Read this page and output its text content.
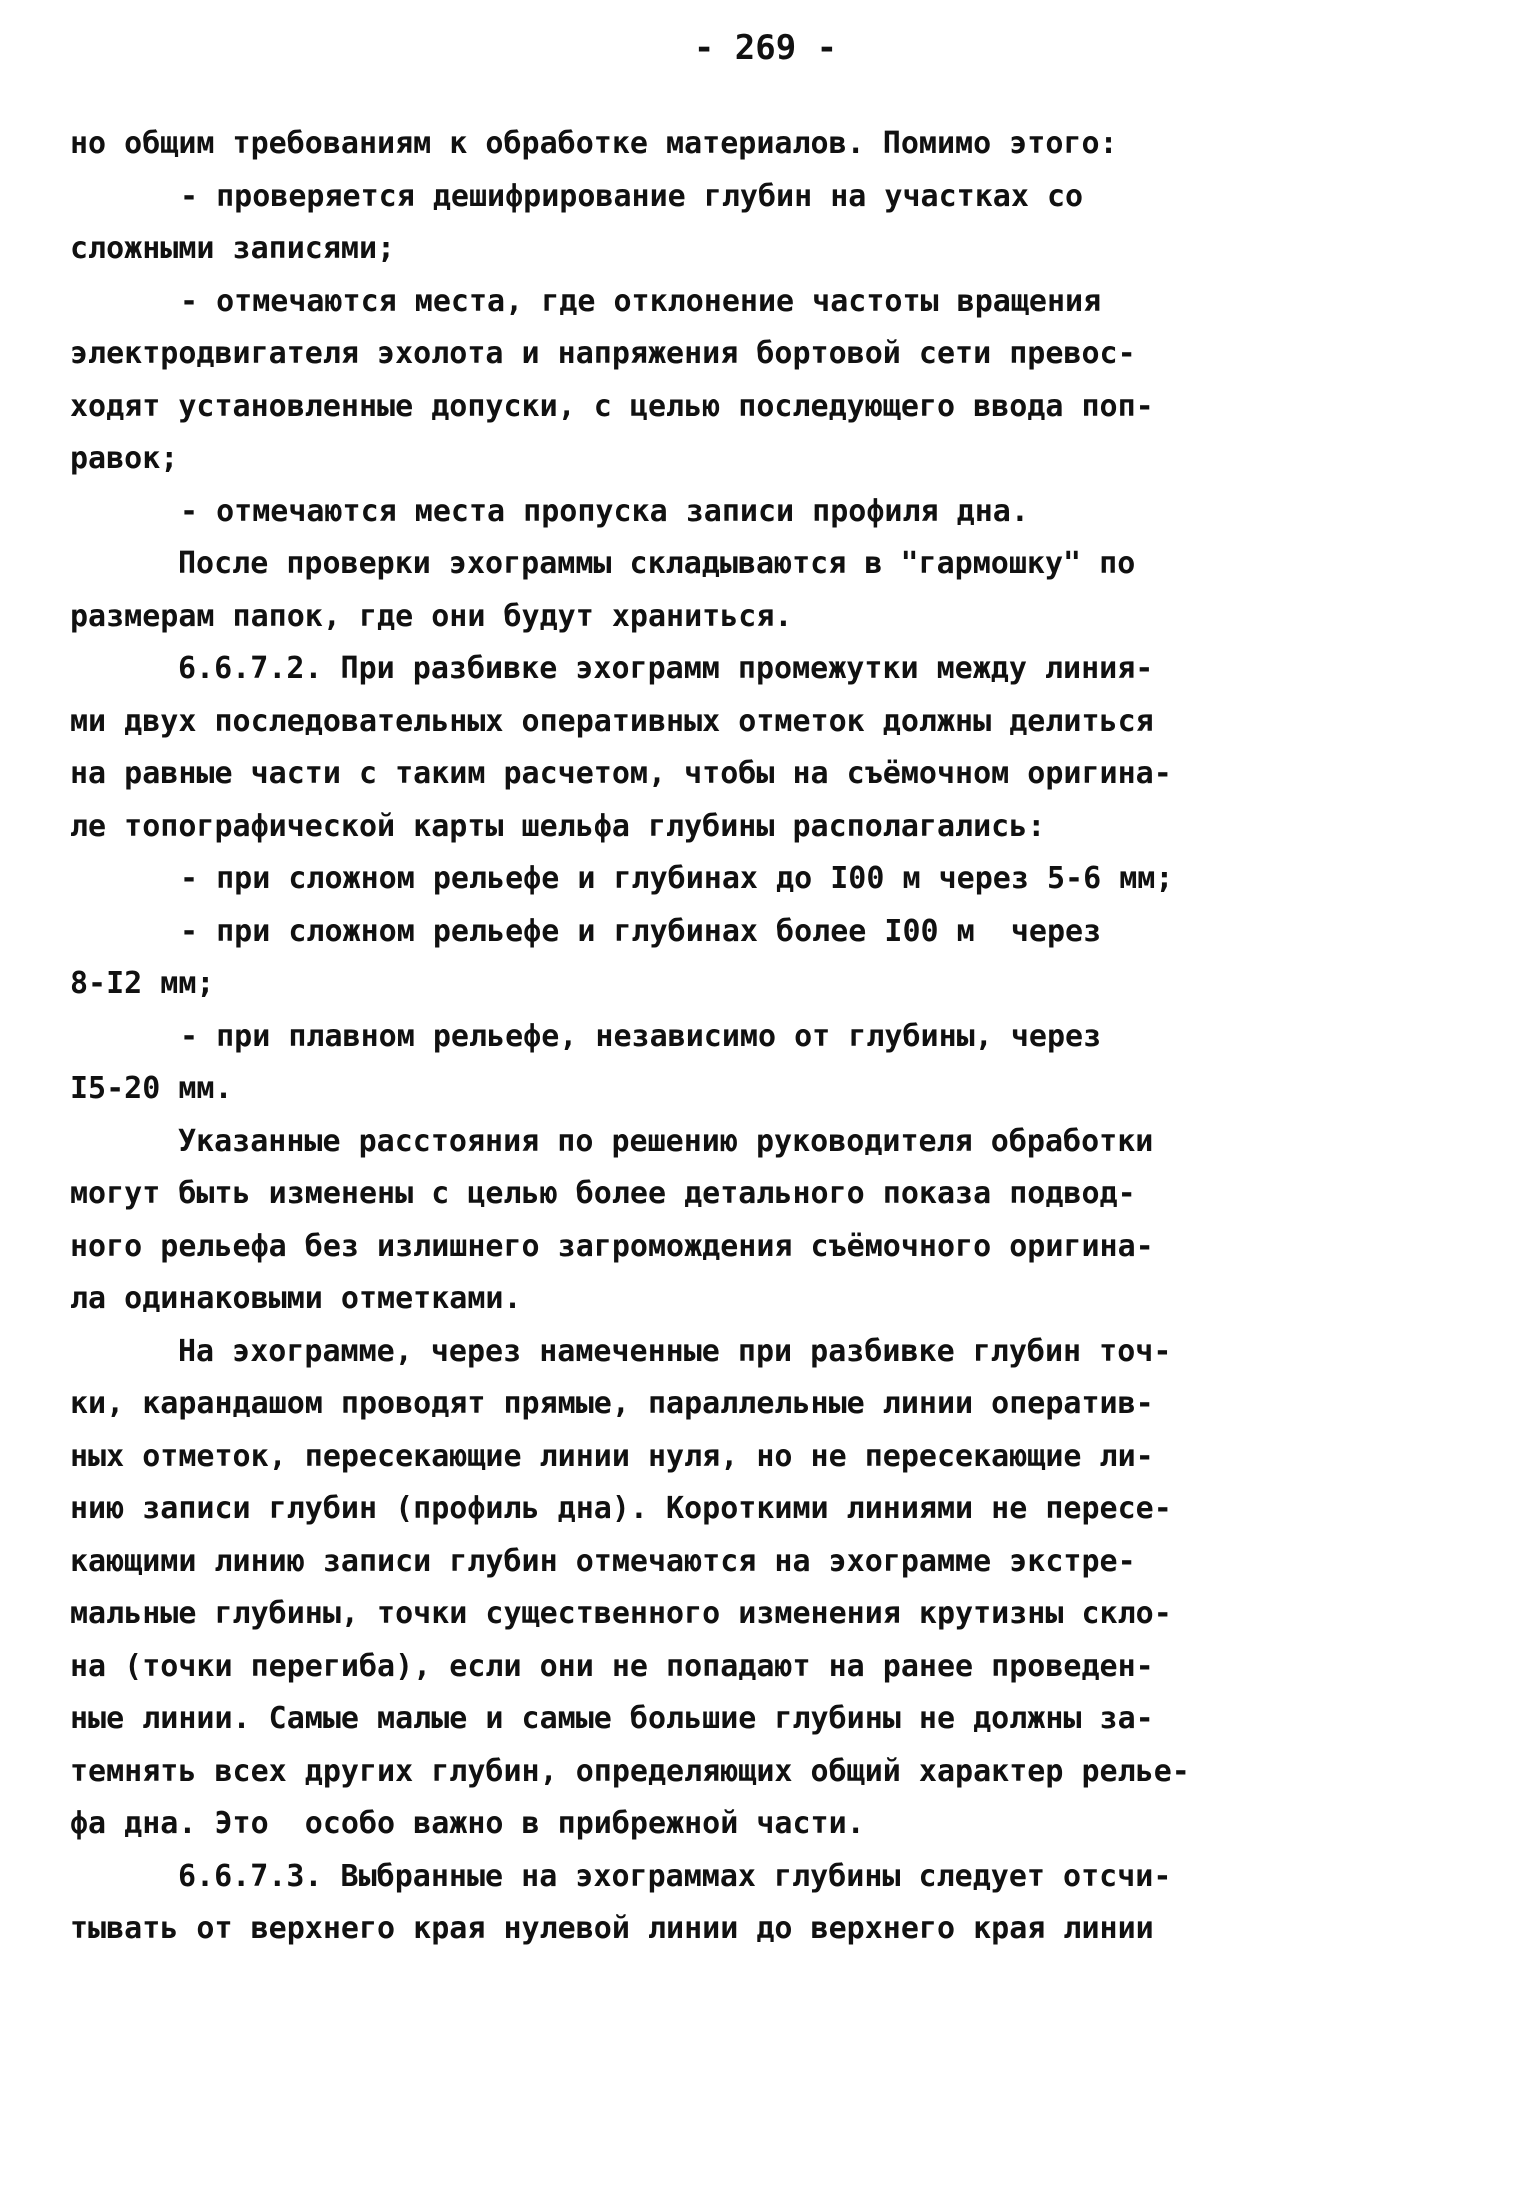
- 269 -
но общим требованиям к обработке материалов. Помимо этого:
- проверяется дешифрирование глубин на участках со
сложными записями;
- отмечаются места, где отклонение частоты вращения
электродвигателя эхолота и напряжения бортовой сети превос-
ходят установленные допуски, с целью последующего ввода поп-
равок;
- отмечаются места пропуска записи профиля дна.
После проверки эхограммы складываются в "гармошку" по
размерам папок, где они будут храниться.
6.6.7.2. При разбивке эхограмм промежутки между линия-
ми двух последовательных оперативных отметок должны делиться
на равные части с таким расчетом, чтобы на съёмочном оригина-
ле топографической карты шельфа глубины располагались:
- при сложном рельефе и глубинах до I00 м через 5-6 мм;
- при сложном рельефе и глубинах более I00 м  через
8-I2 мм;
- при плавном рельефе, независимо от глубины, через
I5-20 мм.
Указанные расстояния по решению руководителя обработки
могут быть изменены с целью более детального показа подвод-
ного рельефа без излишнего загромождения съёмочного оригина-
ла одинаковыми отметками.
На эхограмме, через намеченные при разбивке глубин точ-
ки, карандашом проводят прямые, параллельные линии оператив-
ных отметок, пересекающие линии нуля, но не пересекающие ли-
нию записи глубин (профиль дна). Короткими линиями не пересе-
кающими линию записи глубин отмечаются на эхограмме экстре-
мальные глубины, точки существенного изменения крутизны скло-
на (точки перегиба), если они не попадают на ранее проведен-
ные линии. Самые малые и самые большие глубины не должны за-
темнять всех других глубин, определяющих общий характер релье-
фа дна. Это  особо важно в прибрежной части.
6.6.7.3. Выбранные на эхограммах глубины следует отсчи-
тывать от верхнего края нулевой линии до верхнего края линии
